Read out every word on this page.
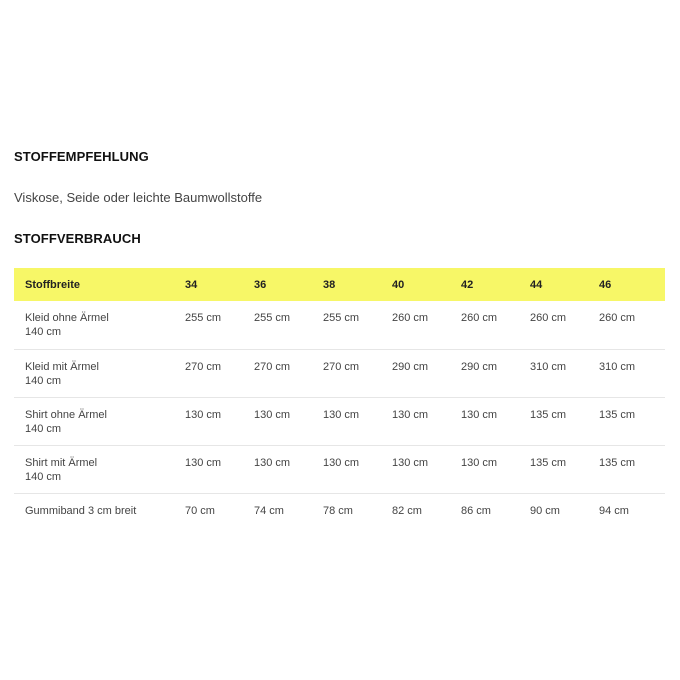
STOFFEMPFEHLUNG
Viskose, Seide oder leichte Baumwollstoffe
STOFFVERBRAUCH
Stoffbreite	34	36	38	40	42	44	46
Kleid ohne Ärmel
140 cm	255 cm	255 cm	255 cm	260 cm	260 cm	260 cm	260 cm
Kleid mit Ärmel
140 cm	270 cm	270 cm	270 cm	290 cm	290 cm	310 cm	310 cm
Shirt ohne Ärmel
140 cm	130 cm	130 cm	130 cm	130 cm	130 cm	135 cm	135 cm
Shirt mit Ärmel
140 cm	130 cm	130 cm	130 cm	130 cm	130 cm	135 cm	135 cm
Gummiband 3 cm breit	70 cm	74 cm	78 cm	82 cm	86 cm	90 cm	94 cm
